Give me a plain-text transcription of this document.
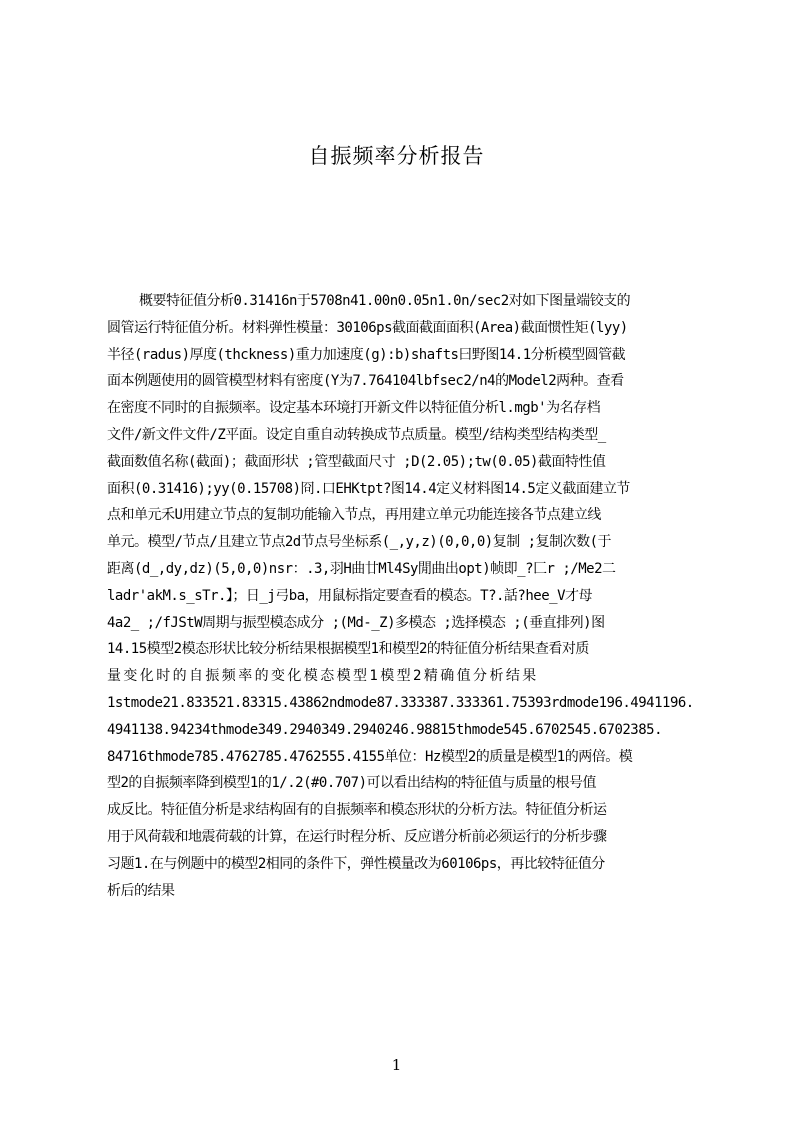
自振频率分析报告
概要特征值分析0.31416n于5708n41.00n0.05n1.0n/sec2对如下图量端铰支的
圆管运行特征值分析。材料弹性模量：30106ps截面截面面积(Area)截面惯性矩(lyy)
半径(radus)厚度(thckness)重力加速度(g):b)shafts曰野图14.1分析模型圆管截
面本例题使用的圆管模型材料有密度(Y为7.764104lbfsec2/n4的Model2两种。查看
在密度不同时的自振频率。设定基本环境打开新文件以特征值分析l.mgb'为名存档
文件/新文件文件/Z平面。设定自重自动转换成节点质量。模型/结构类型结构类型_
截面数值名称(截面)；截面形状 ;管型截面尺寸 ;D(2.05);tw(0.05)截面特性值
面积(0.31416);yy(0.15708)冏.口EHKtpt?图14.4定义材料图14.5定义截面建立节
点和单元禾U用建立节点的复制功能输入节点，再用建立单元功能连接各节点建立线
单元。模型/节点/且建立节点2d节点号坐标系(_,y,z)(0,0,0)复制 ;复制次数(于
距离(d_,dy,dz)(5,0,0)nsr：.3,羽H曲廿Ml4Sy閒曲出opt)帧即_?匚r ;/Me2二
ladr'akM.s_sTr.】；日_j弓ba，用鼠标指定要查看的模态。T?.話?hee_V才母
4a2_ ;/fJStW周期与振型模态成分 ;(Md-_Z)多模态 ;选择模态 ;(垂直排列)图
14.15模型2模态形状比较分析结果根据模型1和模型2的特征值分析结果查看对质
量变化时的自振频率的变化模态模型1模型2精确值分析结果
1stmode21.833521.83315.43862ndmode87.333387.333361.75393rdmode196.4941196.
4941138.94234thmode349.2940349.2940246.98815thmode545.6702545.6702385.
84716thmode785.4762785.4762555.4155单位：Hz模型2的质量是模型1的两倍。模
型2的自振频率降到模型1的1/.2(#0.707)可以看出结构的特征值与质量的根号值
成反比。特征值分析是求结构固有的自振频率和模态形状的分析方法。特征值分析运
用于风荷载和地震荷载的计算，在运行时程分析、反应谱分析前必须运行的分析步骤
习题1.在与例题中的模型2相同的条件下，弹性模量改为60106ps，再比较特征值分
析后的结果
1
